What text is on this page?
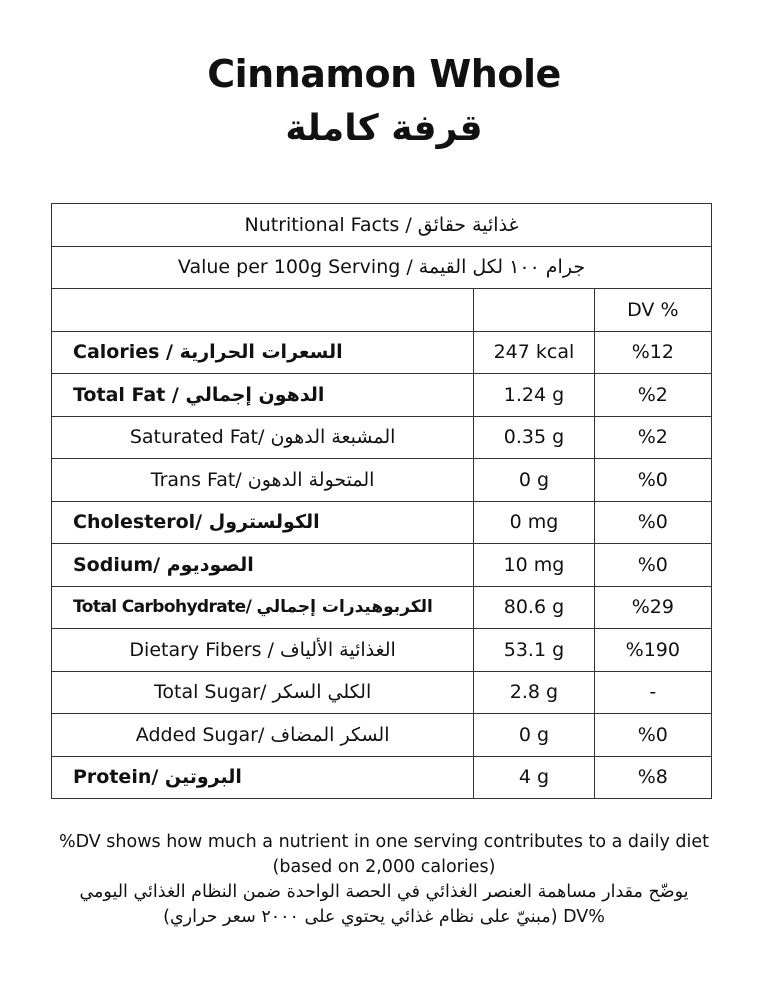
Cinnamon Whole
قرفة كاملة
Nutritional Facts / غذائية حقائق		
Value per 100g Serving / جرام ١٠٠ لكل القيمة		
		DV %
Calories / السعرات الحرارية	247 kcal	%12
Total Fat / الدهون إجمالي	1.24 g	%2
Saturated Fat/ المشبعة الدهون	0.35 g	%2
Trans Fat/ المتحولة الدهون	0 g	%0
Cholesterol/ الكولسترول	0 mg	%0
Sodium/ الصوديوم	10 mg	%0
Total Carbohydrate/ الكربوهيدرات إجمالي	80.6 g	%29
Dietary Fibers / الغذائية الألياف	53.1 g	%190
Total Sugar/ الكلي السكر	2.8 g	-
Added Sugar/ السكر المضاف	0 g	%0
Protein/ البروتين	4 g	%8
%DV shows how much a nutrient in one serving contributes to a daily diet
(based on 2,000 calories)
يوضّح مقدار مساهمة العنصر الغذائي في الحصة الواحدة ضمن النظام الغذائي اليومي
(مبنيّ على نظام غذائي يحتوي على ٢٠٠٠ سعر حراري) DV%
